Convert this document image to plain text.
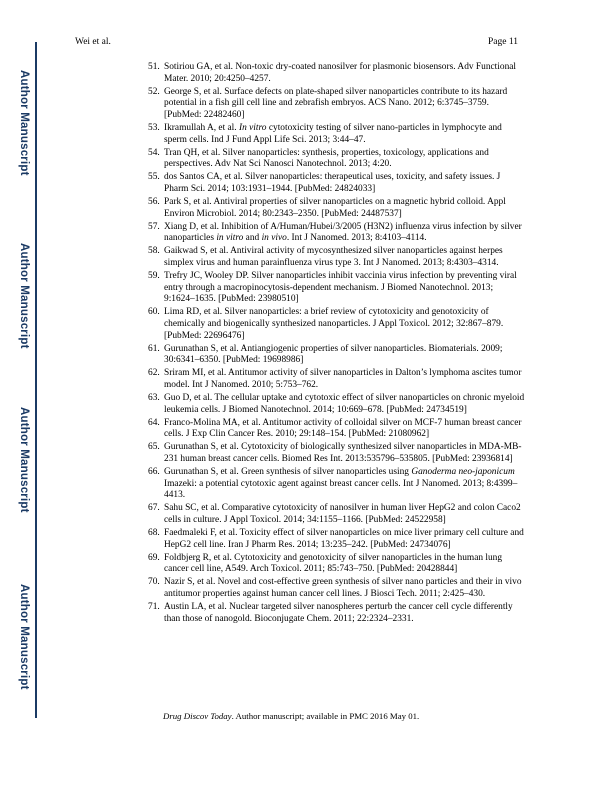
Author Manuscript
Author Manuscript
Author Manuscript
Author Manuscript
Wei et al.	Page 11
51. Sotiriou GA, et al. Non-toxic dry-coated nanosilver for plasmonic biosensors. Adv Functional Mater. 2010; 20:4250–4257.
52. George S, et al. Surface defects on plate-shaped silver nanoparticles contribute to its hazard potential in a fish gill cell line and zebrafish embryos. ACS Nano. 2012; 6:3745–3759. [PubMed: 22482460]
53. Ikramullah A, et al. In vitro cytotoxicity testing of silver nano-particles in lymphocyte and sperm cells. Ind J Fund Appl Life Sci. 2013; 3:44–47.
54. Tran QH, et al. Silver nanoparticles: synthesis, properties, toxicology, applications and perspectives. Adv Nat Sci Nanosci Nanotechnol. 2013; 4:20.
55. dos Santos CA, et al. Silver nanoparticles: therapeutical uses, toxicity, and safety issues. J Pharm Sci. 2014; 103:1931–1944. [PubMed: 24824033]
56. Park S, et al. Antiviral properties of silver nanoparticles on a magnetic hybrid colloid. Appl Environ Microbiol. 2014; 80:2343–2350. [PubMed: 24487537]
57. Xiang D, et al. Inhibition of A/Human/Hubei/3/2005 (H3N2) influenza virus infection by silver nanoparticles in vitro and in vivo. Int J Nanomed. 2013; 8:4103–4114.
58. Gaikwad S, et al. Antiviral activity of mycosynthesized silver nanoparticles against herpes simplex virus and human parainfluenza virus type 3. Int J Nanomed. 2013; 8:4303–4314.
59. Trefry JC, Wooley DP. Silver nanoparticles inhibit vaccinia virus infection by preventing viral entry through a macropinocytosis-dependent mechanism. J Biomed Nanotechnol. 2013; 9:1624–1635. [PubMed: 23980510]
60. Lima RD, et al. Silver nanoparticles: a brief review of cytotoxicity and genotoxicity of chemically and biogenically synthesized nanoparticles. J Appl Toxicol. 2012; 32:867–879. [PubMed: 22696476]
61. Gurunathan S, et al. Antiangiogenic properties of silver nanoparticles. Biomaterials. 2009; 30:6341–6350. [PubMed: 19698986]
62. Sriram MI, et al. Antitumor activity of silver nanoparticles in Dalton’s lymphoma ascites tumor model. Int J Nanomed. 2010; 5:753–762.
63. Guo D, et al. The cellular uptake and cytotoxic effect of silver nanoparticles on chronic myeloid leukemia cells. J Biomed Nanotechnol. 2014; 10:669–678. [PubMed: 24734519]
64. Franco-Molina MA, et al. Antitumor activity of colloidal silver on MCF-7 human breast cancer cells. J Exp Clin Cancer Res. 2010; 29:148–154. [PubMed: 21080962]
65. Gurunathan S, et al. Cytotoxicity of biologically synthesized silver nanoparticles in MDA-MB-231 human breast cancer cells. Biomed Res Int. 2013:535796–535805. [PubMed: 23936814]
66. Gurunathan S, et al. Green synthesis of silver nanoparticles using Ganoderma neo-japonicum Imazeki: a potential cytotoxic agent against breast cancer cells. Int J Nanomed. 2013; 8:4399–4413.
67. Sahu SC, et al. Comparative cytotoxicity of nanosilver in human liver HepG2 and colon Caco2 cells in culture. J Appl Toxicol. 2014; 34:1155–1166. [PubMed: 24522958]
68. Faedmaleki F, et al. Toxicity effect of silver nanoparticles on mice liver primary cell culture and HepG2 cell line. Iran J Pharm Res. 2014; 13:235–242. [PubMed: 24734076]
69. Foldbjerg R, et al. Cytotoxicity and genotoxicity of silver nanoparticles in the human lung cancer cell line, A549. Arch Toxicol. 2011; 85:743–750. [PubMed: 20428844]
70. Nazir S, et al. Novel and cost-effective green synthesis of silver nano particles and their in vivo antitumor properties against human cancer cell lines. J Biosci Tech. 2011; 2:425–430.
71. Austin LA, et al. Nuclear targeted silver nanospheres perturb the cancer cell cycle differently than those of nanogold. Bioconjugate Chem. 2011; 22:2324–2331.
Drug Discov Today. Author manuscript; available in PMC 2016 May 01.
